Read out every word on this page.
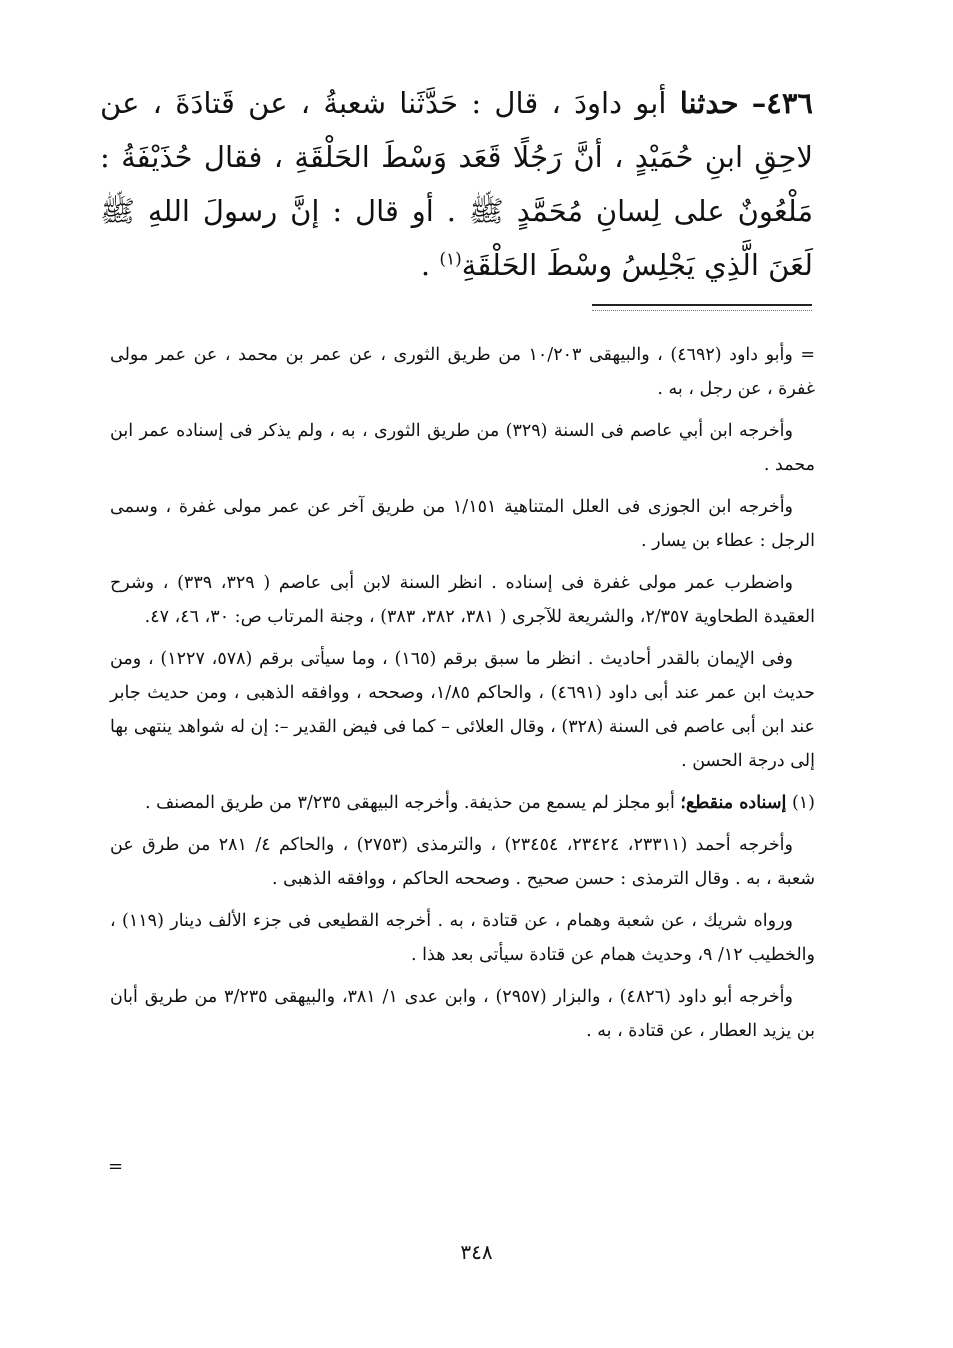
٤٣٦– حدثنا أبو داودَ ، قال : حَدَّثَنا شعبةُ ، عن قَتادَةَ ، عن لاحِقِ ابنِ حُمَيْدٍ ، أنَّ رَجُلًا قَعَد وَسْطَ الحَلْقَةِ ، فقال حُذَيْفَةُ : مَلْعُونٌ على لِسانِ مُحَمَّدٍ ﷺ . أو قال : إنَّ رسولَ اللهِ ﷺ لَعَنَ الَّذِي يَجْلِسُ وسْطَ الحَلْقَةِ$^{(١)}$ .

= وأبو داود (٤٦٩٢) ، والبيهقى ١٠/٢٠٣ من طريق الثورى ، عن عمر بن محمد ، عن عمر مولى غفرة ، عن رجل ، به .

وأخرجه ابن أبي عاصم فى السنة (٣٢٩) من طريق الثورى ، به ، ولم يذكر فى إسناده عمر ابن محمد .

وأخرجه ابن الجوزى فى العلل المتناهية ١/١٥١ من طريق آخر عن عمر مولى غفرة ، وسمى الرجل : عطاء بن يسار .

واضطرب عمر مولى غفرة فى إسناده . انظر السنة لابن أبى عاصم ( ٣٢٩، ٣٣٩) ، وشرح العقيدة الطحاوية ٢/٣٥٧، والشريعة للآجرى ( ٣٨١، ٣٨٢، ٣٨٣) ، وجنة المرتاب ص: ٣٠، ٤٦، ٤٧.

وفى الإيمان بالقدر أحاديث . انظر ما سبق برقم (١٦٥) ، وما سيأتى برقم (٥٧٨، ١٢٢٧) ، ومن حديث ابن عمر عند أبى داود (٤٦٩١) ، والحاكم ١/٨٥، وصححه ، ووافقه الذهبى ، ومن حديث جابر عند ابن أبى عاصم فى السنة (٣٢٨) ، وقال العلائى – كما فى فيض القدير –: إن له شواهد ينتهى بها إلى درجة الحسن .

(١) إسناده منقطع؛ أبو مجلز لم يسمع من حذيفة. وأخرجه البيهقى ٣/٢٣٥ من طريق المصنف .

وأخرجه أحمد (٢٣٣١١، ٢٣٤٢٤، ٢٣٤٥٤) ، والترمذى (٢٧٥٣) ، والحاكم ٤/ ٢٨١ من طرق عن شعبة ، به . وقال الترمذى : حسن صحيح . وصححه الحاكم ، ووافقه الذهبى .

ورواه شريك ، عن شعبة وهمام ، عن قتادة ، به . أخرجه القطيعى فى جزء الألف دينار (١١٩) ، والخطيب ١٢/ ٩، وحديث همام عن قتادة سيأتى بعد هذا .

وأخرجه أبو داود (٤٨٢٦) ، والبزار (٢٩٥٧) ، وابن عدى ١/ ٣٨١، والبيهقى ٣/٢٣٥ من طريق أبان بن يزيد العطار ، عن قتادة ، به .

=
٣٤٨
